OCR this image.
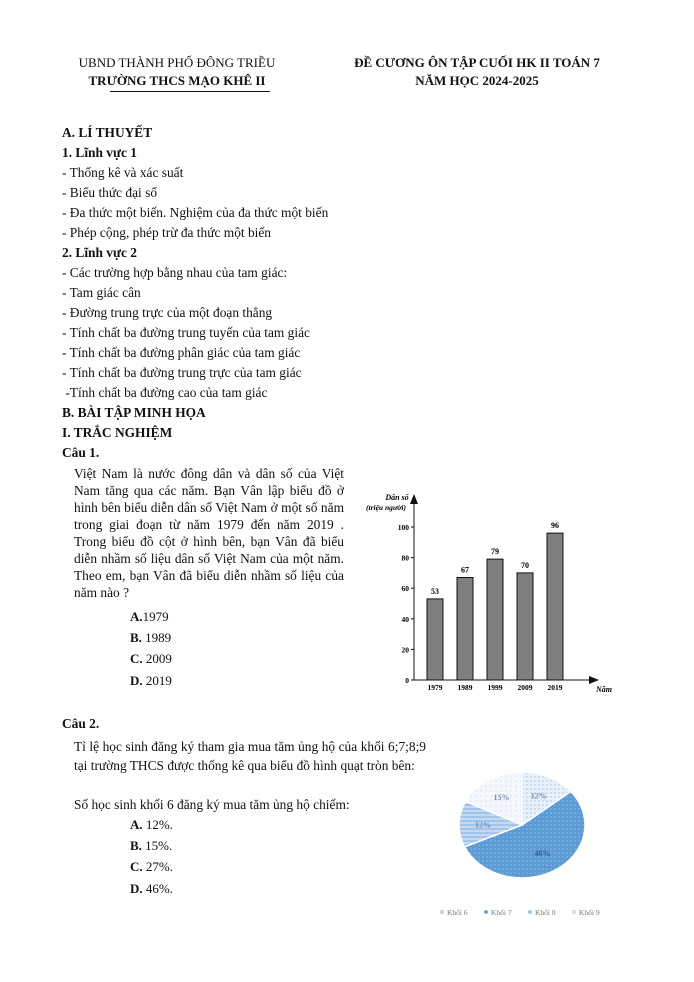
UBND THÀNH PHỐ ĐÔNG TRIỀU
TRƯỜNG THCS MẠO KHÊ II
ĐỀ CƯƠNG ÔN TẬP CUỐI HK II TOÁN 7
NĂM HỌC 2024-2025
A. LÍ THUYẾT
1. Lĩnh vực 1
- Thống kê và xác suất
- Biểu thức đại số
- Đa thức một biến. Nghiệm của đa thức một biến
- Phép cộng, phép trừ đa thức một biến
2. Lĩnh vực 2
- Các trường hợp bằng nhau của tam giác:
- Tam giác cân
- Đường trung trực của một đoạn thẳng
- Tính chất ba đường trung tuyến của tam giác
- Tính chất ba đường phân giác của tam giác
- Tính chất ba đường trung trực của tam giác
-Tính chất ba đường cao của tam giác
B. BÀI TẬP MINH HỌA
I. TRẮC NGHIỆM
Câu 1.
Việt Nam là nước đông dân và dân số của Việt Nam tăng qua các năm. Bạn Vân lập biểu đồ ở hình bên biểu diễn dân số Việt Nam ở một số năm trong giai đoạn từ năm 1979 đến năm 2019 . Trong biểu đồ cột ở hình bên, bạn Vân đã biểu diễn nhầm số liệu dân số Việt Nam của một năm. Theo em, bạn Vân đã biểu diễn nhầm số liệu của năm nào ?
A.1979
B. 1989
C. 2009
D. 2019
Dân số
(triệu người)
Năm
0
20
40
60
80
100
53
1979
67
1989
79
1999
70
2009
96
2019
Câu 2.
Tỉ lệ học sinh đăng ký tham gia mua tăm ủng hộ của khối 6;7;8;9 tại trường THCS được thống kê qua biểu đồ hình quạt tròn bên:
Số học sinh khối 6 đăng ký mua tăm ủng hộ chiếm:
A. 12%.
B. 15%.
C. 27%.
D. 46%.
12%
46%
12%
15%
Khối 6	Khối 7	Khối 8	Khối 9
